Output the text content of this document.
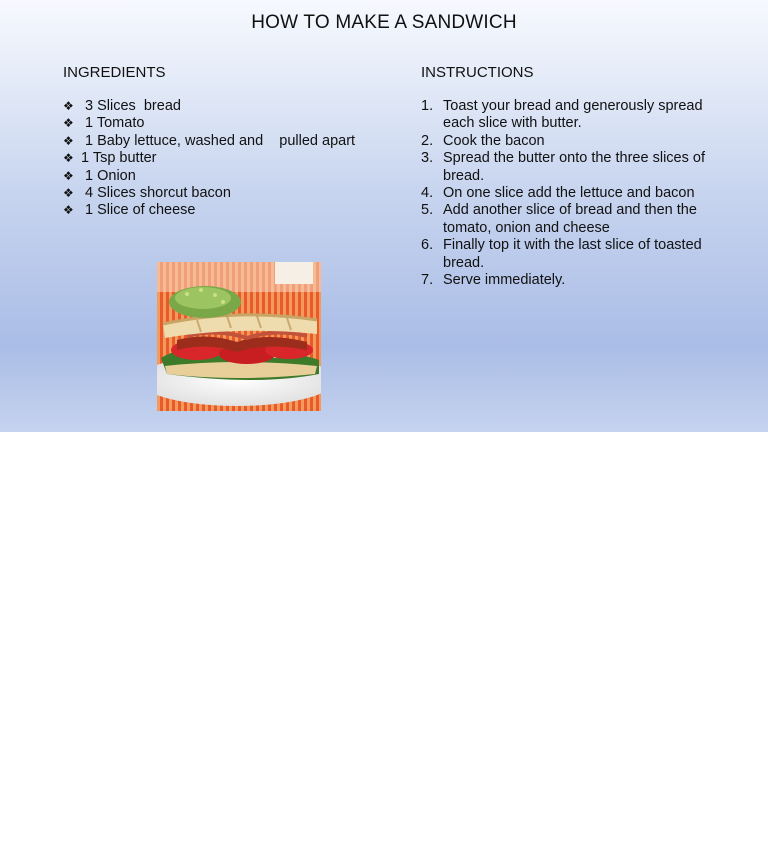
HOW TO MAKE A SANDWICH
INGREDIENTS	INSTRUCTIONS
❖ 3 Slices  bread
❖ 1 Tomato
❖ 1 Baby lettuce, washed and    pulled apart
❖ 1 Tsp butter
❖ 1 Onion
❖ 4 Slices shorcut bacon
❖ 1 Slice of cheese
1. Toast your bread and generously spread each slice with butter.
2. Cook the bacon
3. Spread the butter onto the three slices of bread.
4. On one slice add the lettuce and bacon
5. Add another slice of bread and then the tomato, onion and cheese
6. Finally top it with the last slice of toasted bread.
7. Serve immediately.
